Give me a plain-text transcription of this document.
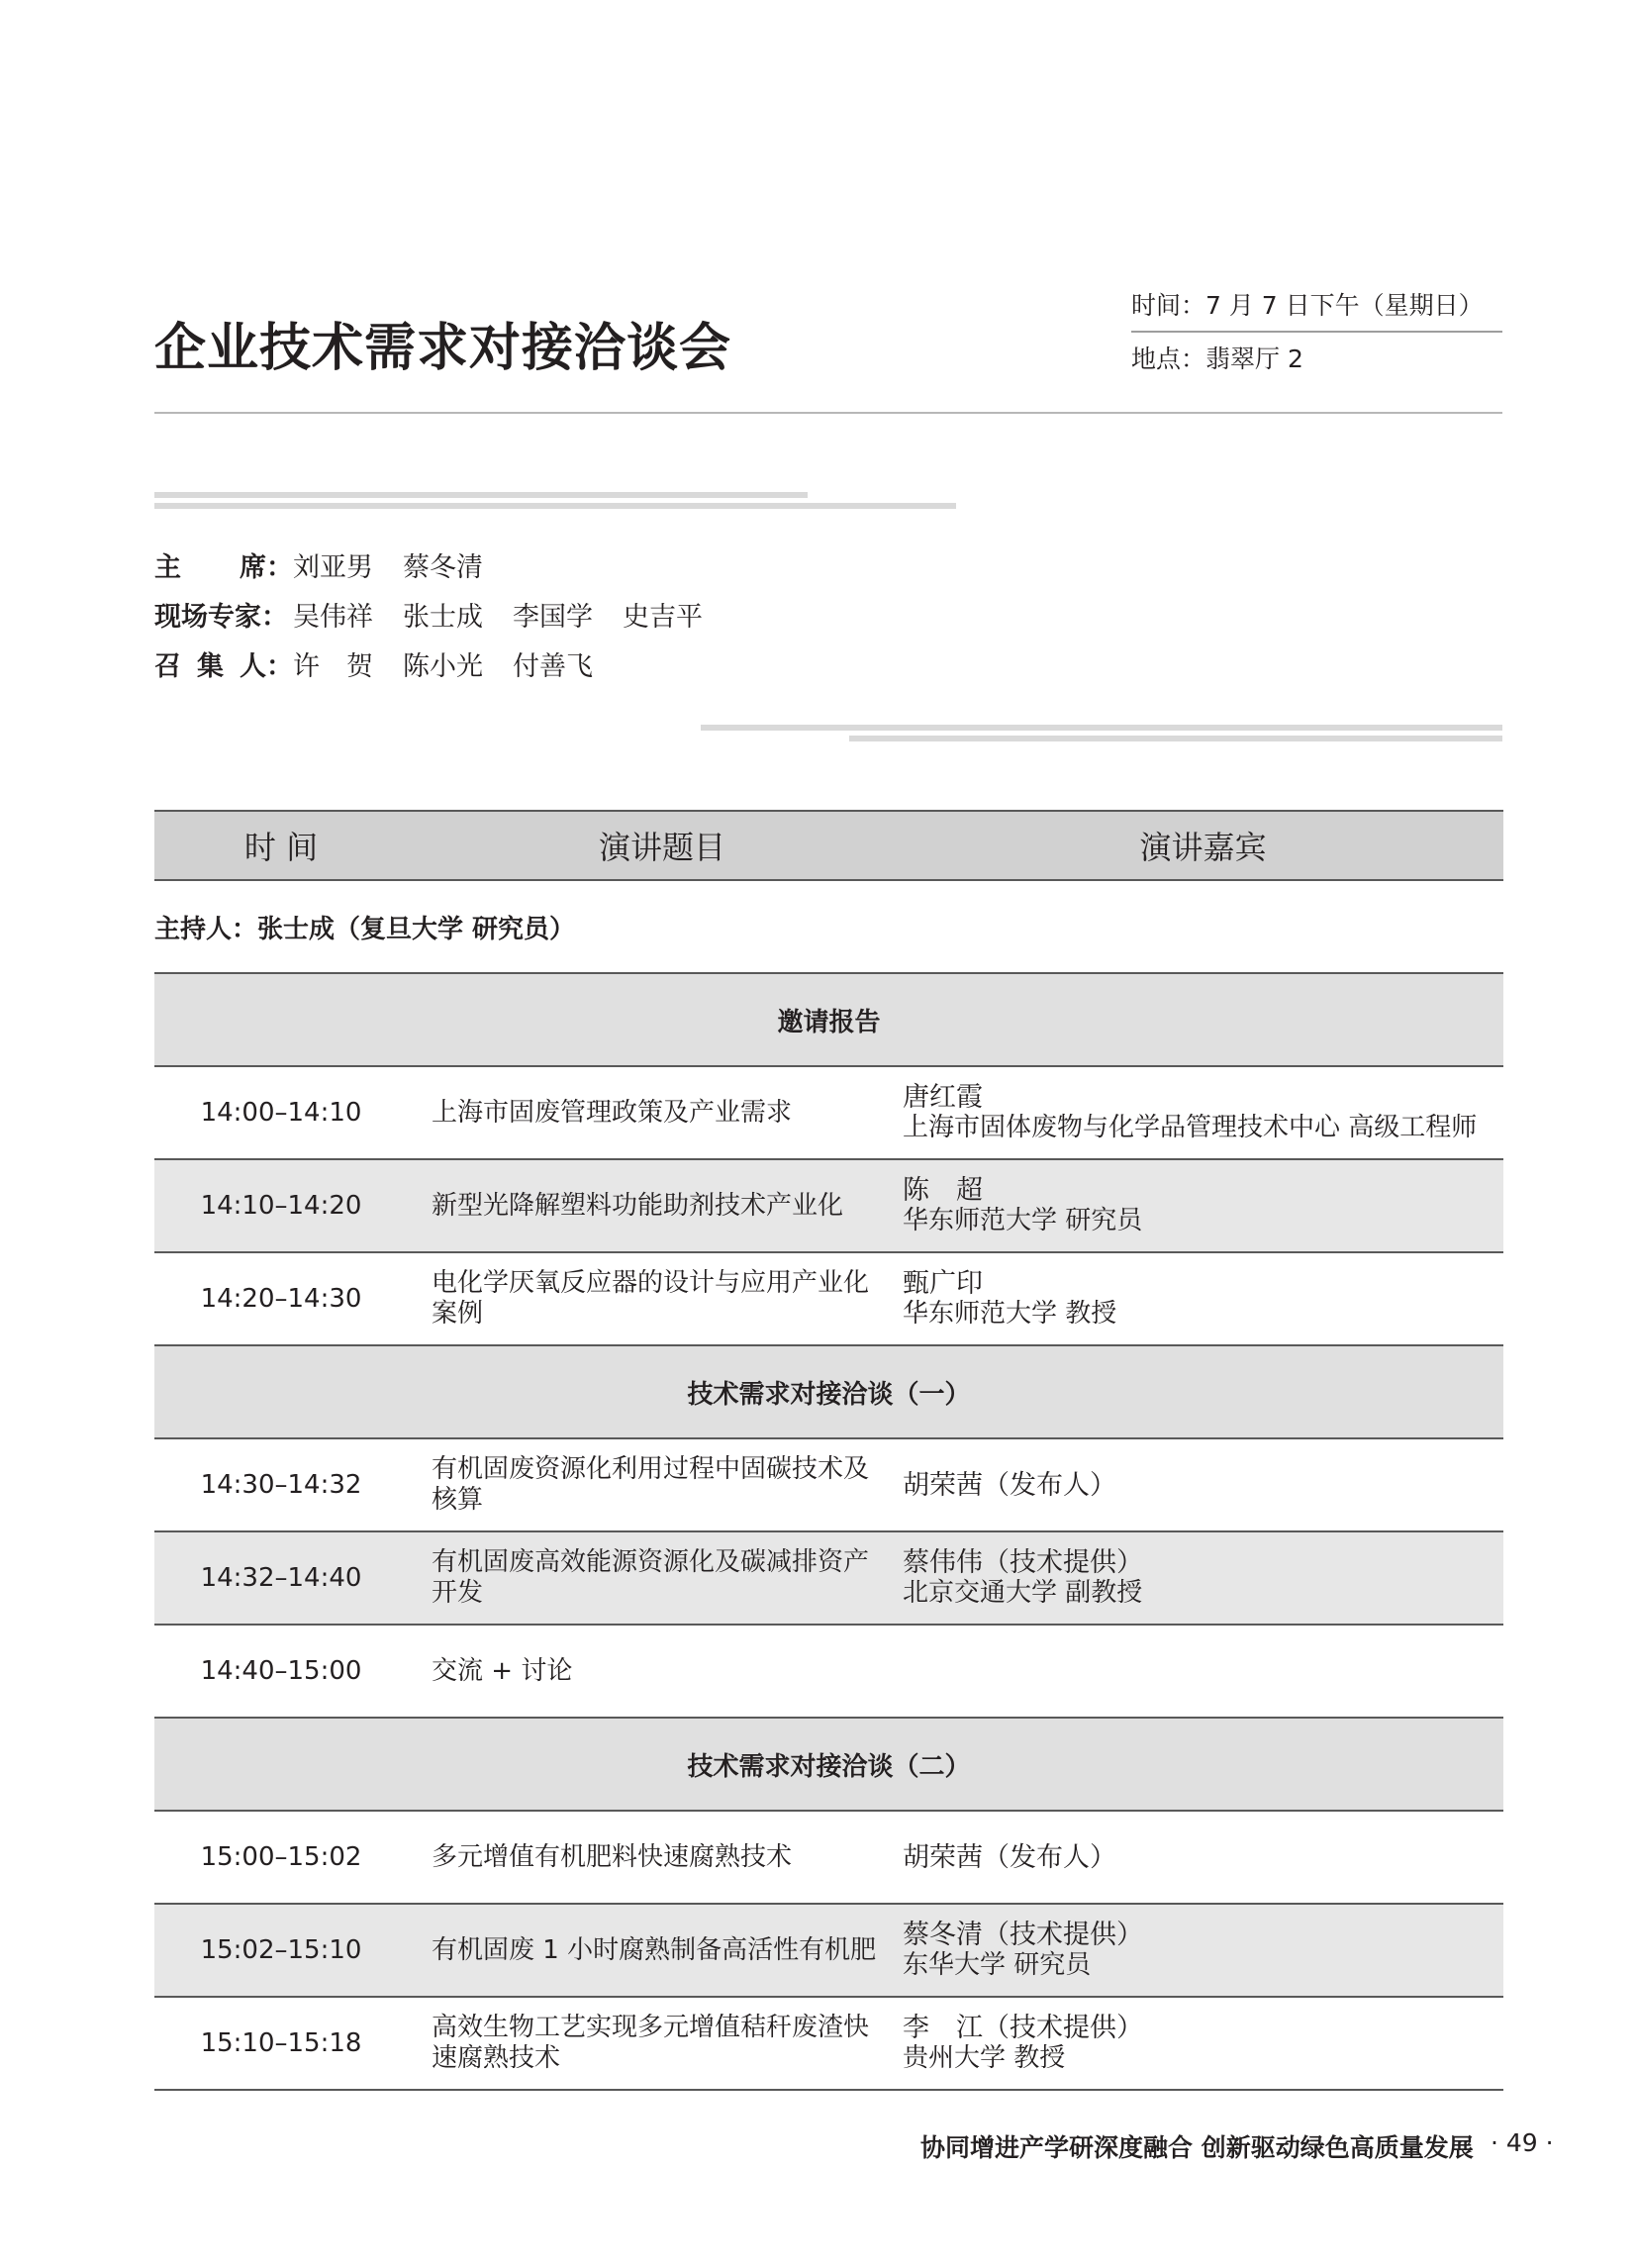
企业技术需求对接洽谈会
时间：7 月 7 日下午（星期日）
地点：翡翠厅 2
主 席： 刘亚男 蔡冬清
现场专家： 吴伟祥 张士成 李国学 史吉平
召 集 人： 许　贺 陈小光 付善飞
时 间	演讲题目	演讲嘉宾
主持人：张士成（复旦大学 研究员）		
邀请报告		
14:00–14:10	上海市固废管理政策及产业需求	唐红霞
上海市固体废物与化学品管理技术中心 高级工程师

14:10–14:20	新型光降解塑料功能助剂技术产业化	陈　超
华东师范大学 研究员

14:20–14:30	电化学厌氧反应器的设计与应用产业化案例	甄广印
华东师范大学 教授

技术需求对接洽谈（一）		
14:30–14:32	有机固废资源化利用过程中固碳技术及核算	胡荣茜（发布人）

14:32–14:40	有机固废高效能源资源化及碳减排资产开发	蔡伟伟（技术提供）
北京交通大学 副教授

14:40–15:00	交流 + 讨论	
技术需求对接洽谈（二）		
15:00–15:02	多元增值有机肥料快速腐熟技术	胡荣茜（发布人）

15:02–15:10	有机固废 1 小时腐熟制备高活性有机肥	蔡冬清（技术提供）
东华大学 研究员

15:10–15:18	高效生物工艺实现多元增值秸秆废渣快速腐熟技术	李　江（技术提供）
贵州大学 教授
协同增进产学研深度融合 创新驱动绿色高质量发展 · 49 ·
